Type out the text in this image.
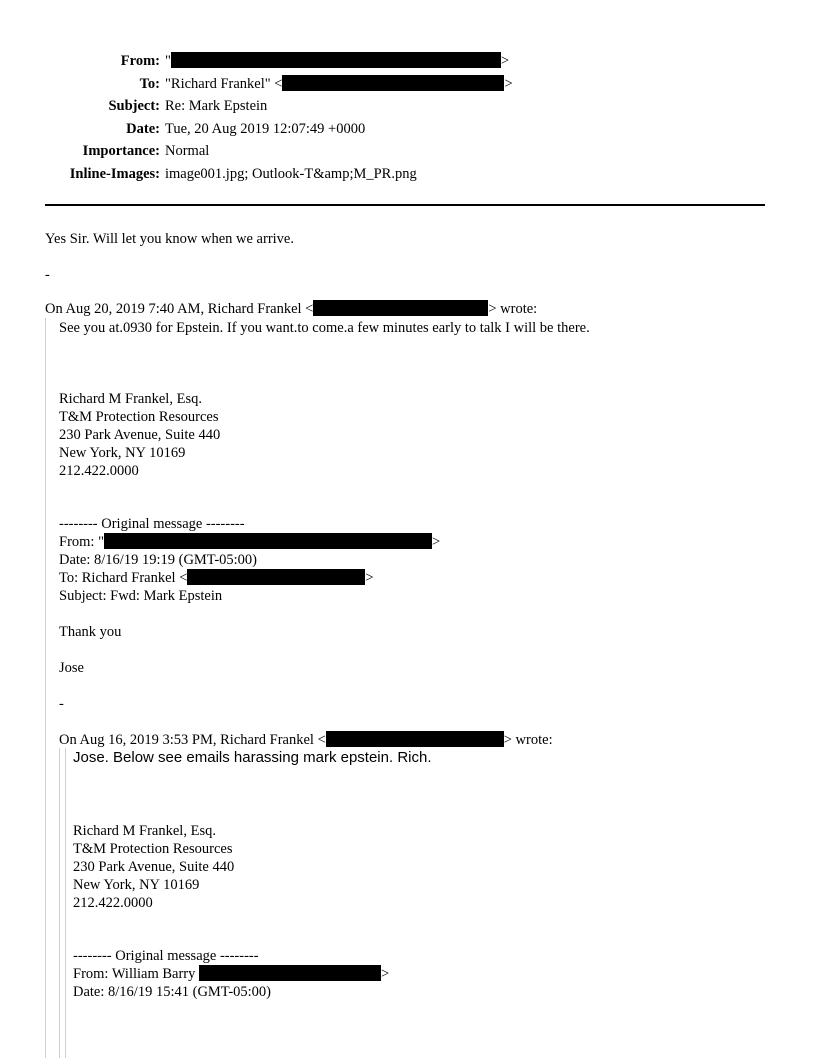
From: "	>
To: "Richard Frankel" <	>
Subject: Re: Mark Epstein
Date: Tue, 20 Aug 2019 12:07:49 +0000
Importance: Normal
Inline-Images: image001.jpg; Outlook-T&amp;M_PR.png
Yes Sir. Will let you know when we arrive.
-
On Aug 20, 2019 7:40 AM, Richard Frankel <	> wrote:
See you at.0930 for Epstein. If you want.to come.a few minutes early to talk I will be there.
Richard M Frankel, Esq.
T&M Protection Resources
230 Park Avenue, Suite 440
New York, NY 10169
212.422.0000
-------- Original message --------
From: "	>
Date: 8/16/19 19:19 (GMT-05:00)
To: Richard Frankel <	>
Subject: Fwd: Mark Epstein
Thank you
Jose
-
On Aug 16, 2019 3:53 PM, Richard Frankel <	> wrote:
Jose. Below see emails harassing mark epstein. Rich.
Richard M Frankel, Esq.
T&M Protection Resources
230 Park Avenue, Suite 440
New York, NY 10169
212.422.0000
-------- Original message --------
From: William Barry	>
Date: 8/16/19 15:41 (GMT-05:00)
